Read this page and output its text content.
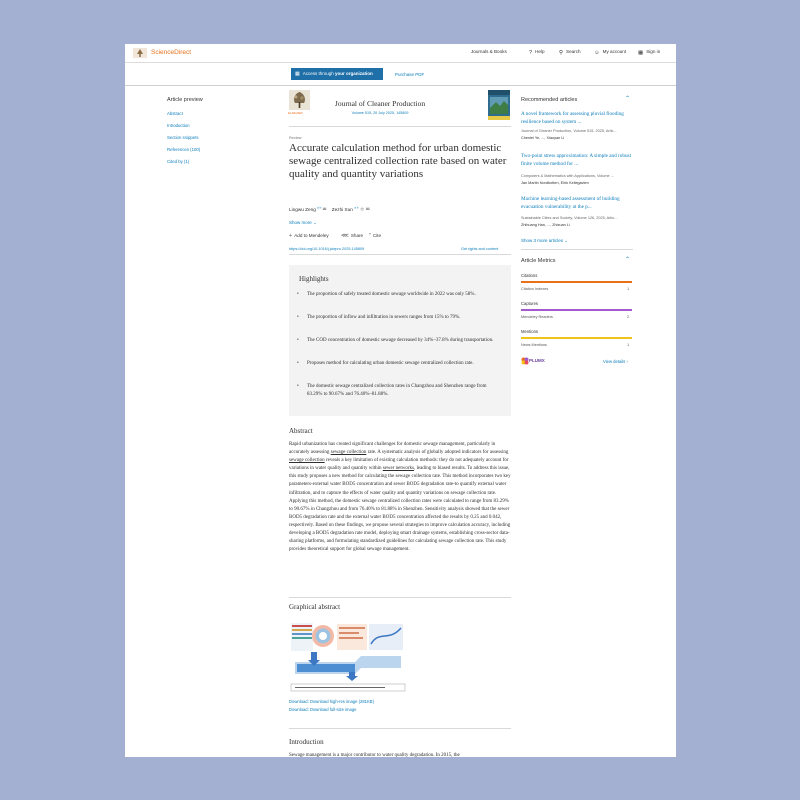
ScienceDirect	Journals & Books	? Help	⚲ Search ☺ My account ▦ Sign in
▦ Access through your organization	Purchase PDF
Article preview
Abstract
Introduction
Section snippets
References (100)
Cited by (1)
ELSEVIER
Journal of Cleaner Production
Volume 515, 20 July 2025, 145809
Review
Accurate calculation method for urban domestic sewage centralized collection rate based on water quality and quantity variations
Lingwu Zeng $^{a b}$ ✉ Zezhi Sun $^{a b}$ ☺ ✉
Show more ⌄
+ Add to Mendeley ⋘ Share ” Cite
https://doi.org/10.1016/j.jclepro.2025.145809	Get rights and content
Highlights
• The proportion of safely treated domestic sewage worldwide in 2022 was only 58%.
• The proportion of inflow and infiltration in sewers ranges from 15% to 79%.
• The COD concentration of domestic sewage decreased by 34%–37.8% during transportation.
• Proposes method for calculating urban domestic sewage centralized collection rate.
• The domestic sewage centralized collection rates in Changzhou and Shenzhen range from 83.29% to 90.67% and 76.40%–81.88%.
Abstract
Rapid urbanization has created significant challenges for domestic sewage management, particularly in accurately assessing sewage collection rate. A systematic analysis of globally adopted indicators for assessing sewage collection reveals a key limitation of existing calculation methods: they do not adequately account for variations in water quality and quantity within sewer networks, leading to biased results. To address this issue, this study proposes a new method for calculating the sewage collection rate. This method incorporates two key parameters-external water BOD5 concentration and sewer BOD5 degradation rate-to quantify external water infiltration, and to capture the effects of water quality and quantity variations on sewage collection rate. Applying this method, the domestic sewage centralized collection rates were calculated to range from 83.29% to 90.67% in Changzhou and from 76.40% to 81.88% in Shenzhen. Sensitivity analysis showed that the sewer BOD5 degradation rate and the external water BOD5 concentration affected the results by 0.25 and 0.042, respectively. Based on these findings, we propose several strategies to improve calculation accuracy, including developing a BOD5 degradation rate model, deploying smart drainage systems, establishing cross-sector data-sharing platforms, and formulating standardized guidelines for calculating sewage collection rate. This study provides theoretical support for global sewage management.
Graphical abstract
Download: Download high-res image (281KB)
Download: Download full-size image
Introduction
Sewage management is a major contributor to water quality degradation. In 2015, the
Recommended articles	⌃
A novel framework for assessing pluvial flooding resilience based on system ...
Journal of Cleaner Production, Volume 515, 2025, Artic...
Chenlei Ye, ..., Xiaoyan Li
Two-point stress approximation: A simple and robust finite volume method for ...
Computers & Mathematics with Applications, Volume ...
Jan Martin Nordbotten, Eirik Keilegavlen
Machine learning-based assessment of building evacuation vulnerability at the p...
Sustainable Cities and Society, Volume 126, 2025, Artic...
Zhihuang Han, ..., Zhixuan Li
Show 3 more articles ⌄
Article Metrics	⌃
Citations
Citation Indexes	1
Captures
Mendeley Readers	2
Mentions
News Mentions	1
PLUMX	View details ›
